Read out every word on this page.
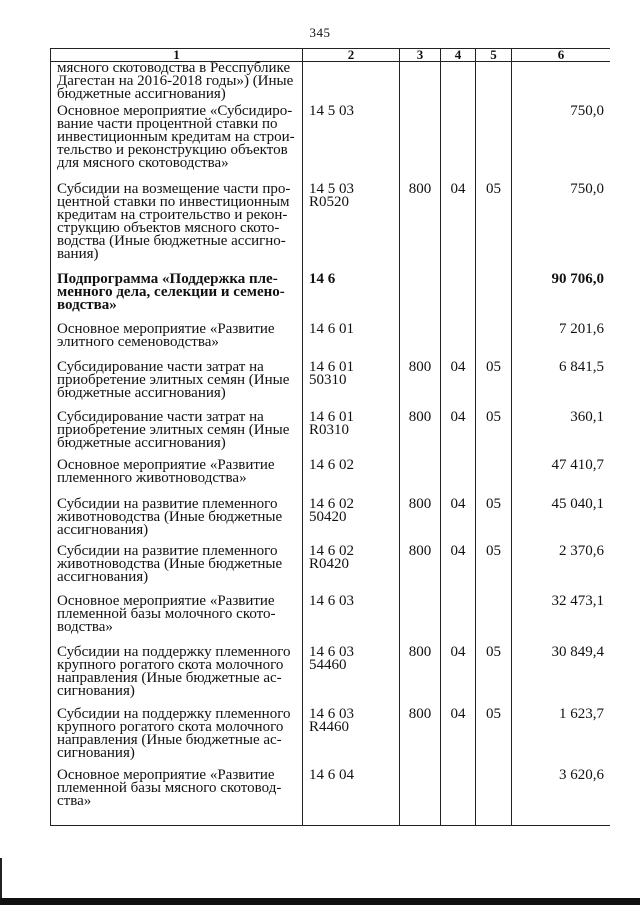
345
1	2	3	4	5	6
мясного скотоводства в Ресспублике Дагестан на 2016-2018 годы») (Иные бюджетные ассигнования)					
Основное мероприятие «Субсидиро-вание части процентной ставки по инвестиционным кредитам на строи-тельство и реконструкцию объектов для мясного скотоводства»	14 5 03				750,0
Субсидии на возмещение части про-центной ставки по инвестиционным кредитам на строительство и рекон-струкцию объектов мясного ското-водства (Иные бюджетные ассигно-вания)	14 5 03 R0520	800	04	05	750,0
Подпрограмма «Поддержка пле-менного дела, селекции и семено-водства»	14 6				90 706,0
Основное мероприятие «Развитие элитного семеноводства»	14 6 01				7 201,6
Субсидирование части затрат на приобретение элитных семян (Иные бюджетные ассигнования)	14 6 01 50310	800	04	05	6 841,5
Субсидирование части затрат на приобретение элитных семян (Иные бюджетные ассигнования)	14 6 01 R0310	800	04	05	360,1
Основное мероприятие «Развитие племенного животноводства»	14 6 02				47 410,7
Субсидии на развитие племенного животноводства (Иные бюджетные ассигнования)	14 6 02 50420	800	04	05	45 040,1
Субсидии на развитие племенного животноводства (Иные бюджетные ассигнования)	14 6 02 R0420	800	04	05	2 370,6
Основное мероприятие «Развитие племенной базы молочного ското-водства»	14 6 03				32 473,1
Субсидии на поддержку племенного крупного рогатого скота молочного направления (Иные бюджетные ас-сигнования)	14 6 03 54460	800	04	05	30 849,4
Субсидии на поддержку племенного крупного рогатого скота молочного направления (Иные бюджетные ас-сигнования)	14 6 03 R4460	800	04	05	1 623,7
Основное мероприятие «Развитие племенной базы мясного скотовод-ства»	14 6 04				3 620,6
